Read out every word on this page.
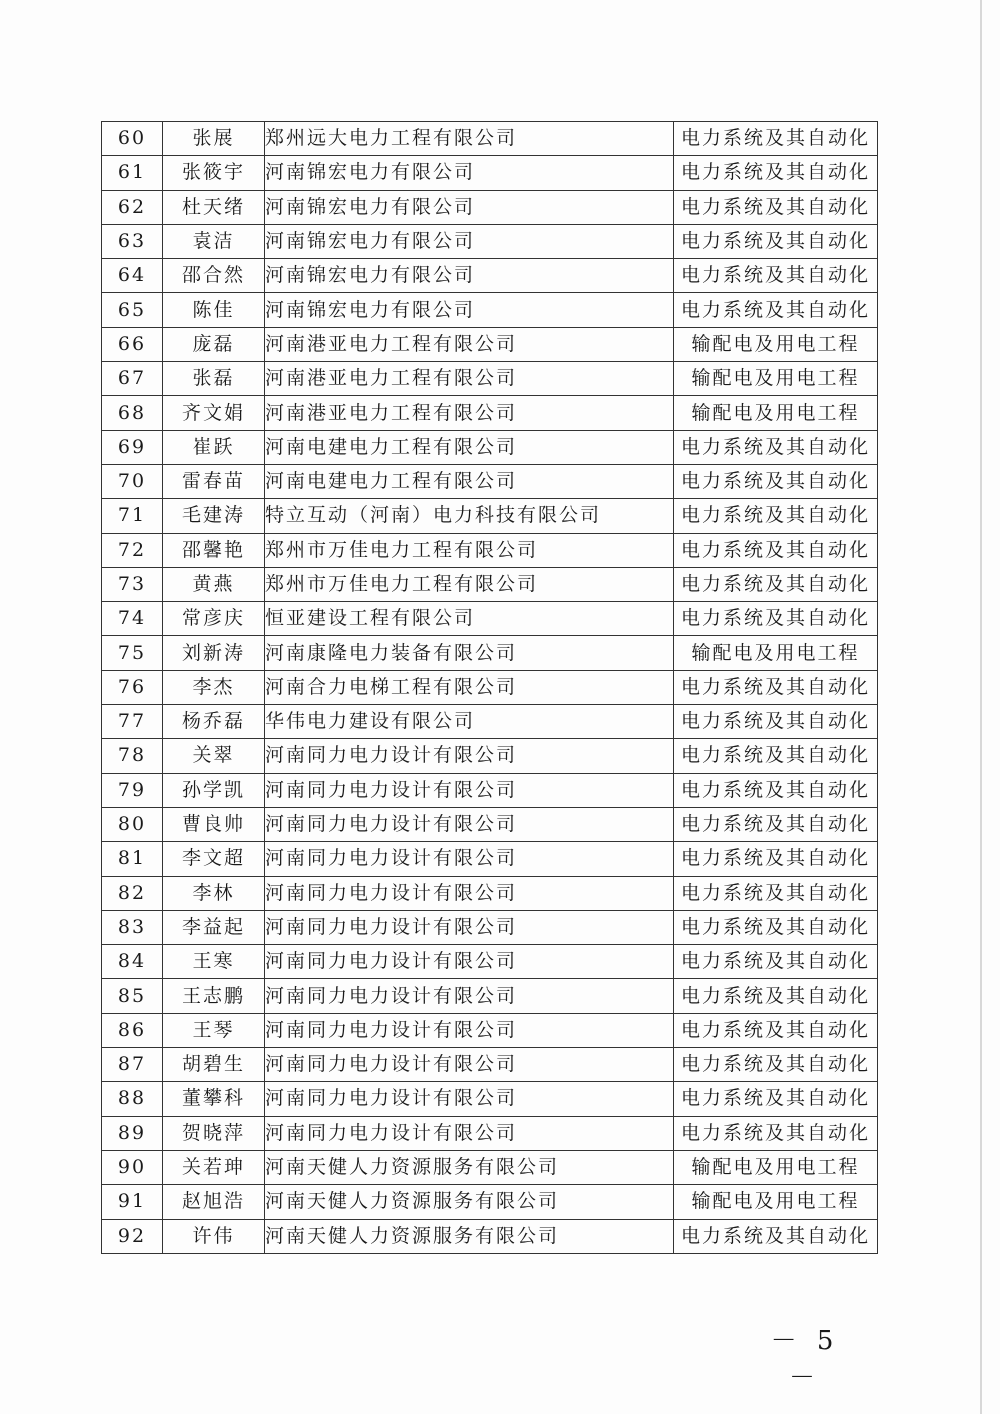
60	张展	郑州远大电力工程有限公司	电力系统及其自动化
61	张筱宇	河南锦宏电力有限公司	电力系统及其自动化
62	杜天绪	河南锦宏电力有限公司	电力系统及其自动化
63	袁洁	河南锦宏电力有限公司	电力系统及其自动化
64	邵合然	河南锦宏电力有限公司	电力系统及其自动化
65	陈佳	河南锦宏电力有限公司	电力系统及其自动化
66	庞磊	河南港亚电力工程有限公司	输配电及用电工程
67	张磊	河南港亚电力工程有限公司	输配电及用电工程
68	齐文娟	河南港亚电力工程有限公司	输配电及用电工程
69	崔跃	河南电建电力工程有限公司	电力系统及其自动化
70	雷春苗	河南电建电力工程有限公司	电力系统及其自动化
71	毛建涛	特立互动（河南）电力科技有限公司	电力系统及其自动化
72	邵馨艳	郑州市万佳电力工程有限公司	电力系统及其自动化
73	黄燕	郑州市万佳电力工程有限公司	电力系统及其自动化
74	常彦庆	恒亚建设工程有限公司	电力系统及其自动化
75	刘新涛	河南康隆电力装备有限公司	输配电及用电工程
76	李杰	河南合力电梯工程有限公司	电力系统及其自动化
77	杨乔磊	华伟电力建设有限公司	电力系统及其自动化
78	关翠	河南同力电力设计有限公司	电力系统及其自动化
79	孙学凯	河南同力电力设计有限公司	电力系统及其自动化
80	曹良帅	河南同力电力设计有限公司	电力系统及其自动化
81	李文超	河南同力电力设计有限公司	电力系统及其自动化
82	李林	河南同力电力设计有限公司	电力系统及其自动化
83	李益起	河南同力电力设计有限公司	电力系统及其自动化
84	王寒	河南同力电力设计有限公司	电力系统及其自动化
85	王志鹏	河南同力电力设计有限公司	电力系统及其自动化
86	王琴	河南同力电力设计有限公司	电力系统及其自动化
87	胡碧生	河南同力电力设计有限公司	电力系统及其自动化
88	董攀科	河南同力电力设计有限公司	电力系统及其自动化
89	贺晓萍	河南同力电力设计有限公司	电力系统及其自动化
90	关若珅	河南天健人力资源服务有限公司	输配电及用电工程
91	赵旭浩	河南天健人力资源服务有限公司	输配电及用电工程
92	许伟	河南天健人力资源服务有限公司	电力系统及其自动化
－ 5 －
